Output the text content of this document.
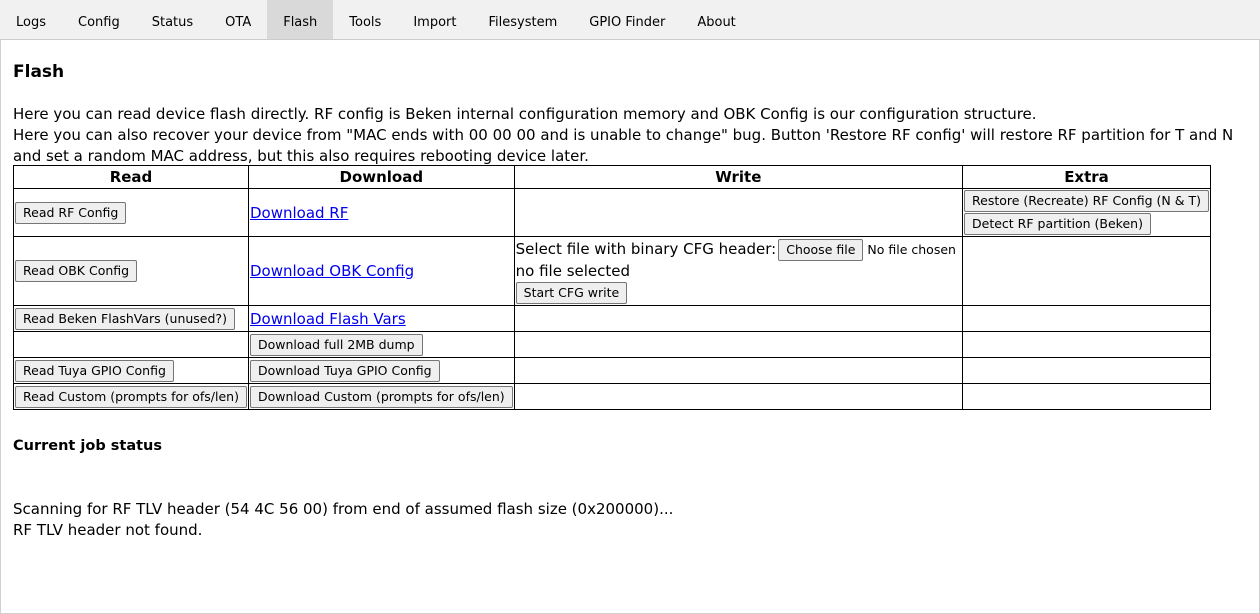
Logs	Config	Status	OTA	Flash	Tools	Import	Filesystem	GPIO Finder	About
Flash

Here you can read device flash directly. RF config is Beken internal configuration memory and OBK Config is our configuration structure.

Here you can also recover your device from "MAC ends with 00 00 00 and is unable to change" bug. Button 'Restore RF config' will restore RF partition for T and N and set a random MAC address, but this also requires rebooting device later.

Read	Download	Write	Extra
Read RF Config	Download RF		Restore (Recreate) RF Config (N & T)
Detect RF partition (Beken)

Read OBK Config	Download OBK Config	Select file with binary CFG header: Choose file No file chosen
no file selected
Start CFG write	

Read Beken FlashVars (unused?)	Download Flash Vars		
	Download full 2MB dump		
Read Tuya GPIO Config	Download Tuya GPIO Config		
Read Custom (prompts for ofs/len)	Download Custom (prompts for ofs/len)		
Current job status
Scanning for RF TLV header (54 4C 56 00) from end of assumed flash size (0x200000)...
RF TLV header not found.
